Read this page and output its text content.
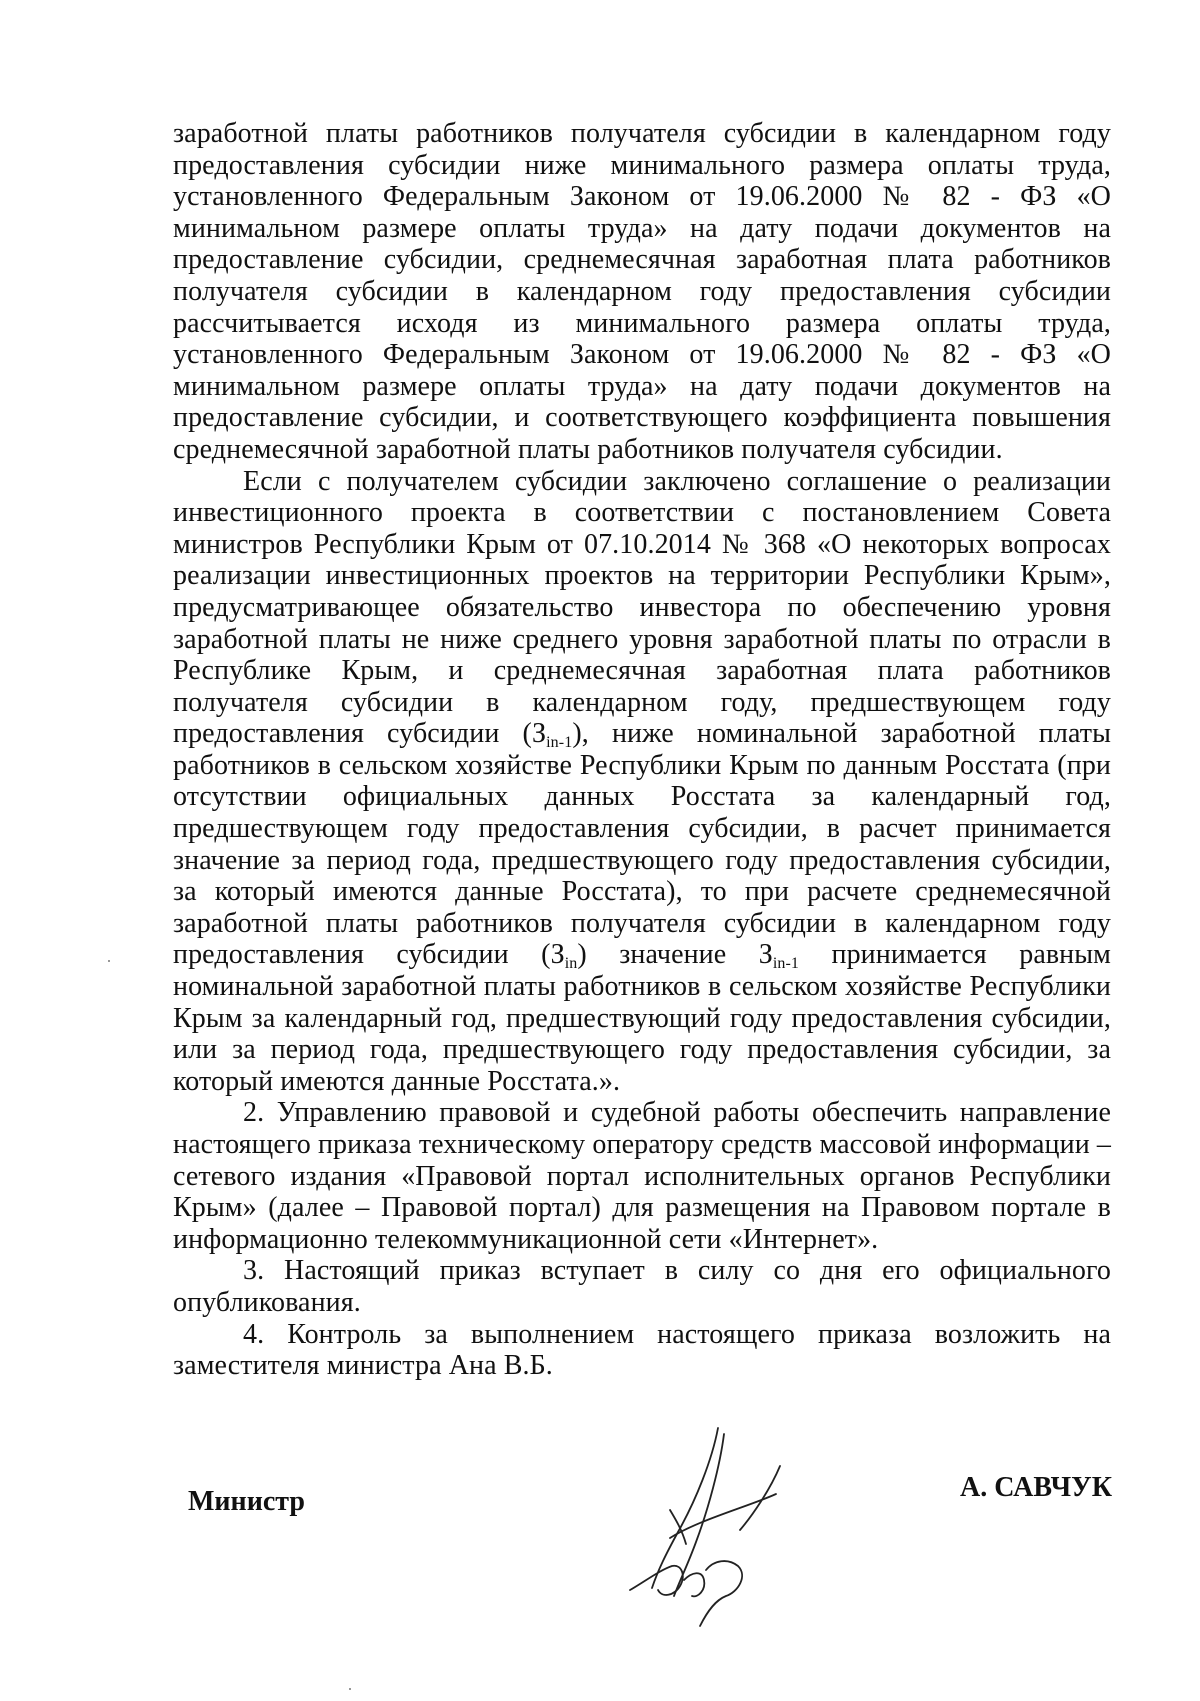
заработной платы работников получателя субсидии в календарном году предоставления субсидии ниже минимального размера оплаты труда, установленного Федеральным Законом от 19.06.2000 № 82 - ФЗ «О минимальном размере оплаты труда» на дату подачи документов на предоставление субсидии, среднемесячная заработная плата работников получателя субсидии в календарном году предоставления субсидии рассчитывается исходя из минимального размера оплаты труда, установленного Федеральным Законом от 19.06.2000 № 82 - ФЗ «О минимальном размере оплаты труда» на дату подачи документов на предоставление субсидии, и соответствующего коэффициента повышения среднемесячной заработной платы работников получателя субсидии.

Если с получателем субсидии заключено соглашение о реализации инвестиционного проекта в соответствии с постановлением Совета министров Республики Крым от 07.10.2014 № 368 «О некоторых вопросах реализации инвестиционных проектов на территории Республики Крым», предусматривающее обязательство инвестора по обеспечению уровня заработной платы не ниже среднего уровня заработной платы по отрасли в Республике Крым, и среднемесячная заработная плата работников получателя субсидии в календарном году, предшествующем году предоставления субсидии $(З_{in-1})$, ниже номинальной заработной платы работников в сельском хозяйстве Республики Крым по данным Росстата (при отсутствии официальных данных Росстата за календарный год, предшествующем году предоставления субсидии, в расчет принимается значение за период года, предшествующего году предоставления субсидии, за который имеются данные Росстата), то при расчете среднемесячной заработной платы работников получателя субсидии в календарном году предоставления субсидии $(З_{in})$ значение $З_{in-1}$ принимается равным номинальной заработной платы работников в сельском хозяйстве Республики Крым за календарный год, предшествующий году предоставления субсидии, или за период года, предшествующего году предоставления субсидии, за который имеются данные Росстата.».

2. Управлению правовой и судебной работы обеспечить направление настоящего приказа техническому оператору средств массовой информации – сетевого издания «Правовой портал исполнительных органов Республики Крым» (далее – Правовой портал) для размещения на Правовом портале в информационно телекоммуникационной сети «Интернет».

3. Настоящий приказ вступает в силу со дня его официального опубликования.

4. Контроль за выполнением настоящего приказа возложить на заместителя министра Ана В.Б.

Министр	А. САВЧУК
